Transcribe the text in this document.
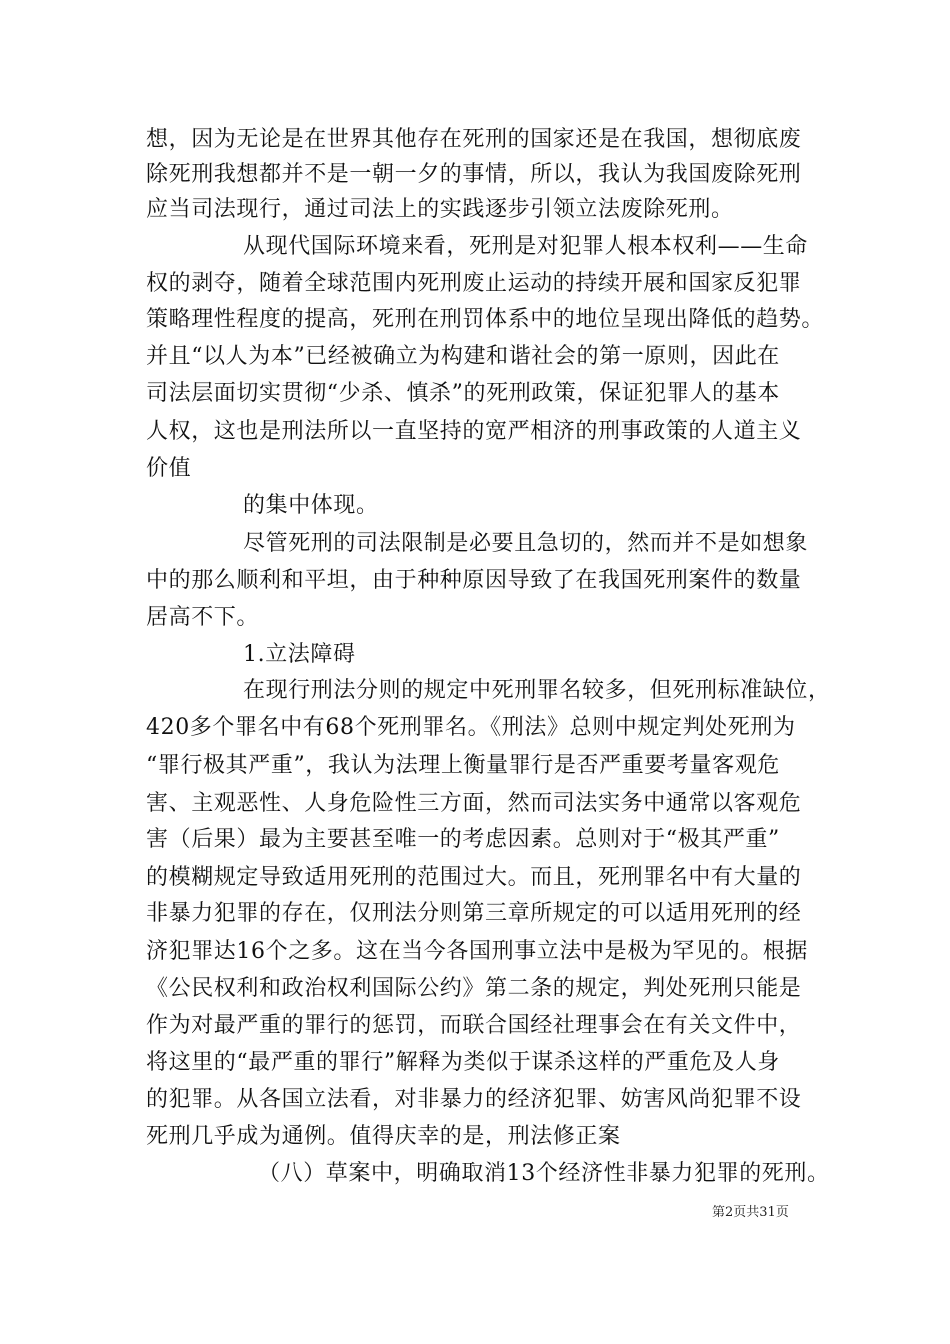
想，因为无论是在世界其他存在死刑的国家还是在我国，想彻底废
除死刑我想都并不是一朝一夕的事情，所以，我认为我国废除死刑
应当司法现行，通过司法上的实践逐步引领立法废除死刑。
从现代国际环境来看，死刑是对犯罪人根本权利——生命
权的剥夺，随着全球范围内死刑废止运动的持续开展和国家反犯罪
策略理性程度的提高，死刑在刑罚体系中的地位呈现出降低的趋势。
并且“以人为本”已经被确立为构建和谐社会的第一原则，因此在
司法层面切实贯彻“少杀、慎杀”的死刑政策，保证犯罪人的基本
人权，这也是刑法所以一直坚持的宽严相济的刑事政策的人道主义
价值
的集中体现。
尽管死刑的司法限制是必要且急切的，然而并不是如想象
中的那么顺利和平坦，由于种种原因导致了在我国死刑案件的数量
居高不下。
1.立法障碍
在现行刑法分则的规定中死刑罪名较多，但死刑标准缺位，
420多个罪名中有68个死刑罪名。《刑法》总则中规定判处死刑为
“罪行极其严重”，我认为法理上衡量罪行是否严重要考量客观危
害、主观恶性、人身危险性三方面，然而司法实务中通常以客观危
害（后果）最为主要甚至唯一的考虑因素。总则对于“极其严重”
的模糊规定导致适用死刑的范围过大。而且，死刑罪名中有大量的
非暴力犯罪的存在，仅刑法分则第三章所规定的可以适用死刑的经
济犯罪达16个之多。这在当今各国刑事立法中是极为罕见的。根据
《公民权利和政治权利国际公约》第二条的规定，判处死刑只能是
作为对最严重的罪行的惩罚，而联合国经社理事会在有关文件中，
将这里的“最严重的罪行”解释为类似于谋杀这样的严重危及人身
的犯罪。从各国立法看，对非暴力的经济犯罪、妨害风尚犯罪不设
死刑几乎成为通例。值得庆幸的是，刑法修正案
（八）草案中，明确取消13个经济性非暴力犯罪的死刑。
第2页共31页
